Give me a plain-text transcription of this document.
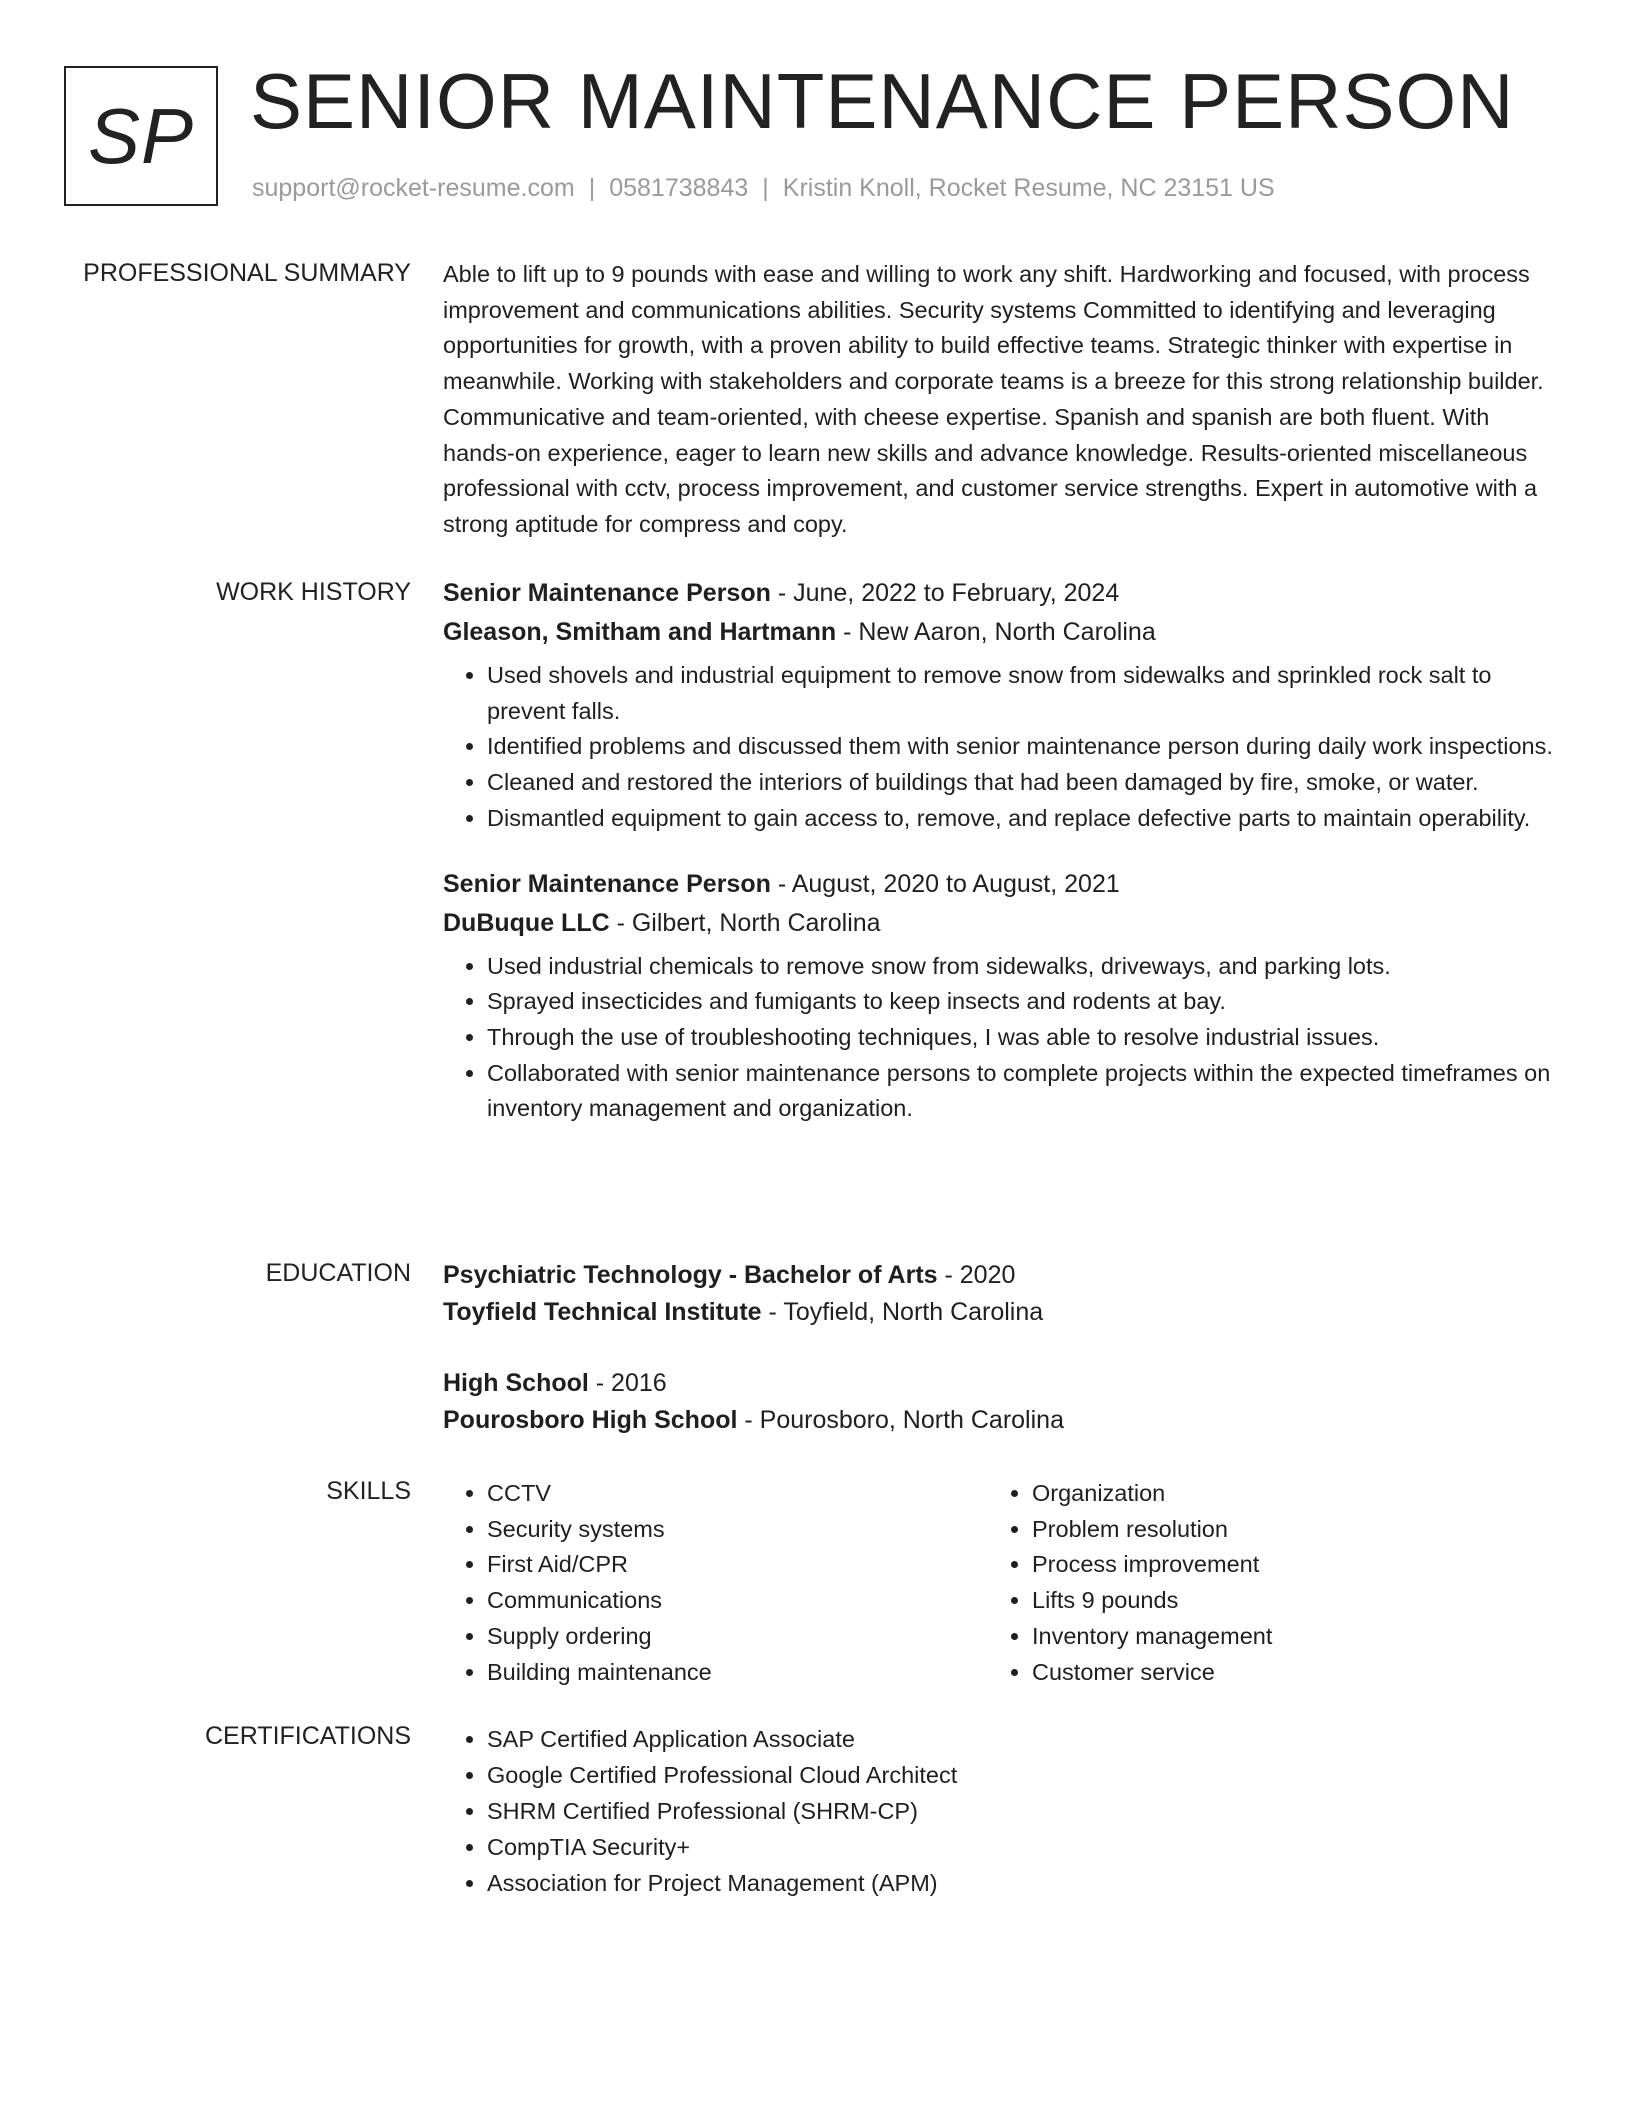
SP SENIOR MAINTENANCE PERSON
support@rocket-resume.com | 0581738843 | Kristin Knoll, Rocket Resume, NC 23151 US
PROFESSIONAL SUMMARY Able to lift up to 9 pounds with ease and willing to work any shift. Hardworking and focused, with process improvement and communications abilities. Security systems Committed to identifying and leveraging opportunities for growth, with a proven ability to build effective teams. Strategic thinker with expertise in meanwhile. Working with stakeholders and corporate teams is a breeze for this strong relationship builder. Communicative and team-oriented, with cheese expertise. Spanish and spanish are both fluent. With hands-on experience, eager to learn new skills and advance knowledge. Results-oriented miscellaneous professional with cctv, process improvement, and customer service strengths. Expert in automotive with a strong aptitude for compress and copy.

WORK HISTORY Senior Maintenance Person - June, 2022 to February, 2024
Gleason, Smitham and Hartmann - New Aaron, North Carolina
• Used shovels and industrial equipment to remove snow from sidewalks and sprinkled rock salt to prevent falls.
• Identified problems and discussed them with senior maintenance person during daily work inspections.
• Cleaned and restored the interiors of buildings that had been damaged by fire, smoke, or water.
• Dismantled equipment to gain access to, remove, and replace defective parts to maintain operability.
Senior Maintenance Person - August, 2020 to August, 2021
DuBuque LLC - Gilbert, North Carolina
• Used industrial chemicals to remove snow from sidewalks, driveways, and parking lots.
• Sprayed insecticides and fumigants to keep insects and rodents at bay.
• Through the use of troubleshooting techniques, I was able to resolve industrial issues.
• Collaborated with senior maintenance persons to complete projects within the expected timeframes on inventory management and organization.
EDUCATION Psychiatric Technology - Bachelor of Arts - 2020
Toyfield Technical Institute - Toyfield, North Carolina
High School - 2016
Pourosboro High School - Pourosboro, North Carolina
SKILLS	• CCTV
• Security systems
• First Aid/CPR
• Communications
• Supply ordering
• Building maintenance
• Organization
• Problem resolution
• Process improvement
• Lifts 9 pounds
• Inventory management
• Customer service
CERTIFICATIONS	• SAP Certified Application Associate
• Google Certified Professional Cloud Architect
• SHRM Certified Professional (SHRM-CP)
• CompTIA Security+
• Association for Project Management (APM)
